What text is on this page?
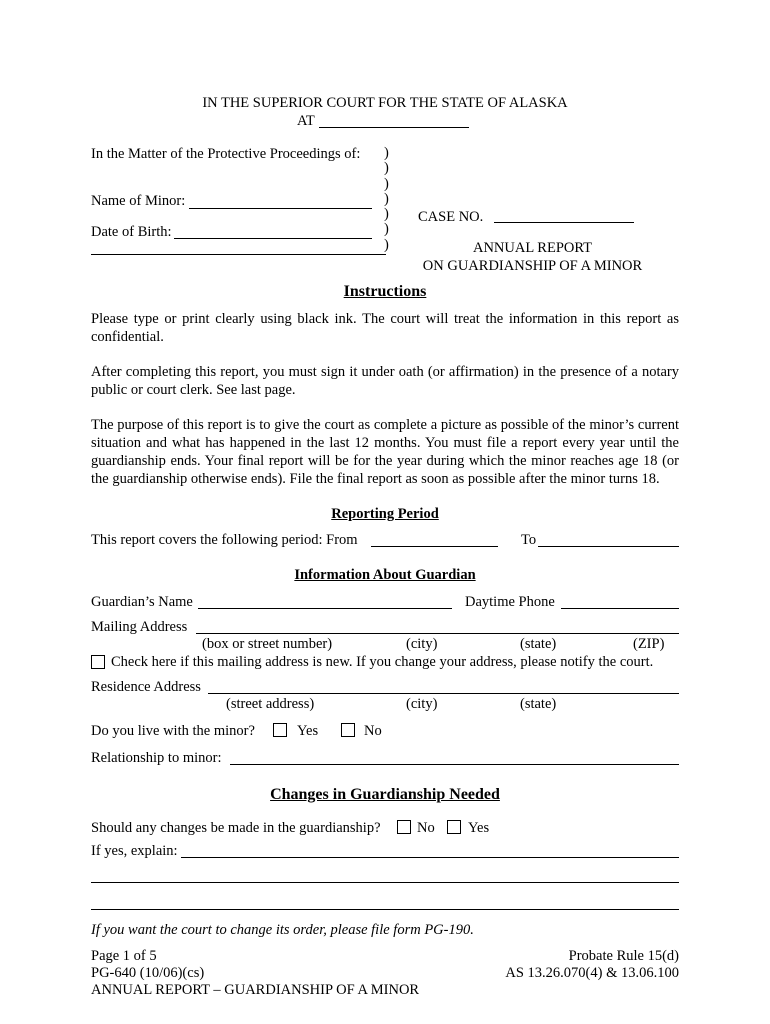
IN THE SUPERIOR COURT FOR THE STATE OF ALASKA
AT
In the Matter of the Protective Proceedings of: )
)
)
)
)
)
)
Name of Minor:
Date of Birth:
CASE NO.
ANNUAL REPORT
ON GUARDIANSHIP OF A MINOR
Instructions
Please type or print clearly using black ink. The court will treat the information in this report as confidential.
After completing this report, you must sign it under oath (or affirmation) in the presence of a notary public or court clerk. See last page.
The purpose of this report is to give the court as complete a picture as possible of the minor’s current situation and what has happened in the last 12 months. You must file a report every year until the guardianship ends. Your final report will be for the year during which the minor reaches age 18 (or the guardianship otherwise ends). File the final report as soon as possible after the minor turns 18.
Reporting Period
This report covers the following period: From	To
Information About Guardian
Guardian’s Name	Daytime Phone
Mailing Address
(box or street number)	(city)	(state)	(ZIP)
Check here if this mailing address is new. If you change your address, please notify the court.
Residence Address
(street address)	(city)	(state)
Do you live with the minor?	Yes	No
Relationship to minor:
Changes in Guardianship Needed
Should any changes be made in the guardianship?	No Yes
If yes, explain:
If you want the court to change its order, please file form PG-190.
Page 1 of 5
PG-640 (10/06)(cs)
ANNUAL REPORT – GUARDIANSHIP OF A MINOR
Probate Rule 15(d)
AS 13.26.070(4) & 13.06.100
